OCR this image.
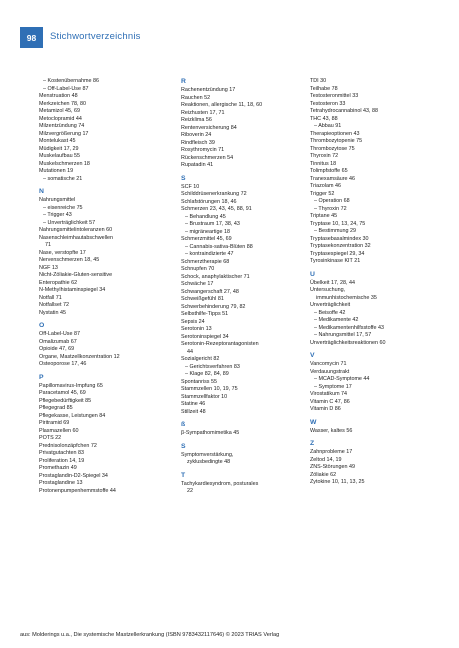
98	Stichwortverzeichnis
– Kostenübernahme 86
– Off-Label-Use 87
Menstruation 48
Merkzeichen 78, 80
Metamizol 45, 69
Metoclopramid 44
Milzentzündung 74
Milzvergrößerung 17
Montelukast 45
Müdigkeit 17, 29
Muskelaufbau 55
Muskelschmerzen 18
Mutationen 19
– somatische 21
N
Nahrungsmittel
– eisenreiche 75
– Trigger 43
– Unverträglichkeit 57
Nahrungsmittelintoleranzen 60
Nasenschleimhautabschwellen
71
Nase, verstopfte 17
Nervenschmerzen 18, 45
NGF 13
Nicht-Zöliakie-Gluten-sensitive
Enteropathie 62
N-Methylhistaminspiegel 34
Notfall 71
Notfallset 72
Nystatin 45
O
Off-Label-Use 87
Omalizumab 67
Opioide 47, 69
Organe, Mastzellkonzentration 12
Osteoporose 17, 46
P
Papillomavirus-Impfung 65
Paracetamol 45, 69
Pflegebedürftigkeit 85
Pflegegrad 85
Pflegekasse, Leistungen 84
Piritramid 69
Plasmazellen 60
POTS 22
Prednisolonzäpfchen 72
Privatgutachten 83
Proliferation 14, 19
Promethazin 49
Prostaglandin-D2-Spiegel 34
Prostaglandine 13
Protonenpumpenhemmstoffe 44
R
Rachenentzündung 17
Rauchen 52
Reaktionen, allergische 11, 18, 60
Reizhusten 17, 71
Reizklima 56
Rentenversicherung 84
Riboverin 24
Rindfleisch 39
Rosythromycin 71
Rückenschmerzen 54
Rupatadin 41
S
SCF 10
Schilddrüsenerkrankung 72
Schlafstörungen 18, 46
Schmerzen 23, 43, 45, 88, 91
– Behandlung 45
– Brustraum 17, 38, 43
– migräneartige 18
Schmerzmittel 45, 69
– Cannabis-sativa-Blüten 88
– kontraindizierte 47
Schmerztherapie 68
Schnupfen 70
Schock, anaphylaktischer 71
Schwäche 17
Schwangerschaft 27, 48
Schweißgefühl 81
Schwerbehinderung 79, 82
Selbsthilfe-Tipps 51
Sepsis 24
Serotonin 13
Serotoninspiegel 34
Serotonin-Rezeptorantagonisten
44
Sozialgericht 82
– Gerichtsverfahren 83
– Klage 82, 84, 89
Spontanriss 55
Stammzellen 10, 19, 75
Stammzellfaktor 10
Statine 46
Stillzeit 48
ß
β-Sympathomimetika 45
S
Symptomverstärkung,
zyklusbedingte 48
T
Tachykardiesyndrom, posturales
22
TDI 30
Teilhabe 78
Testosteronmittel 33
Testosteron 33
Tetrahydrocannabinol 43, 88
THC 43, 88
– Abbau 91
Therapieoptionen 43
Thrombozytopenie 75
Thrombozytose 75
Thyroxin 72
Tinnitus 18
Tolimpfstoffe 65
Tranexamsäure 46
Triazolam 46
Trigger 52
– Operation 68
– Thyroxin 72
Triptane 45
Tryptase 10, 13, 24, 75
– Bestimmung 29
Tryptasebasalmindex 30
Tryptasekonzentration 32
Tryptasespiegel 29, 34
Tyrosinkinase KIT 21
U
Übelkeit 17, 28, 44
Untersuchung,
immunhistochemische 35
Unverträglichkeit
– Beisoffe 42
– Medikamente 42
– Medikamentenhilfsstoffe 43
– Nahrungsmittel 17, 57
Unverträglichkeitsreaktionen 60
V
Vancomycin 71
Verdauungstrakt
– MCAD-Symptome 44
– Symptome 17
Virostatikum 74
Vitamin C 47, 86
Vitamin D 86
W
Wasser, kaltes 56
Z
Zahnprobleme 17
Zeltod 14, 19
ZNS-Störungen 49
Zöliakie 62
Zytokine 10, 11, 13, 25
aus: Molderings u.a., Die systemische Mastzellerkrankung (ISBN 9783432117646) © 2023 TRIAS Verlag
